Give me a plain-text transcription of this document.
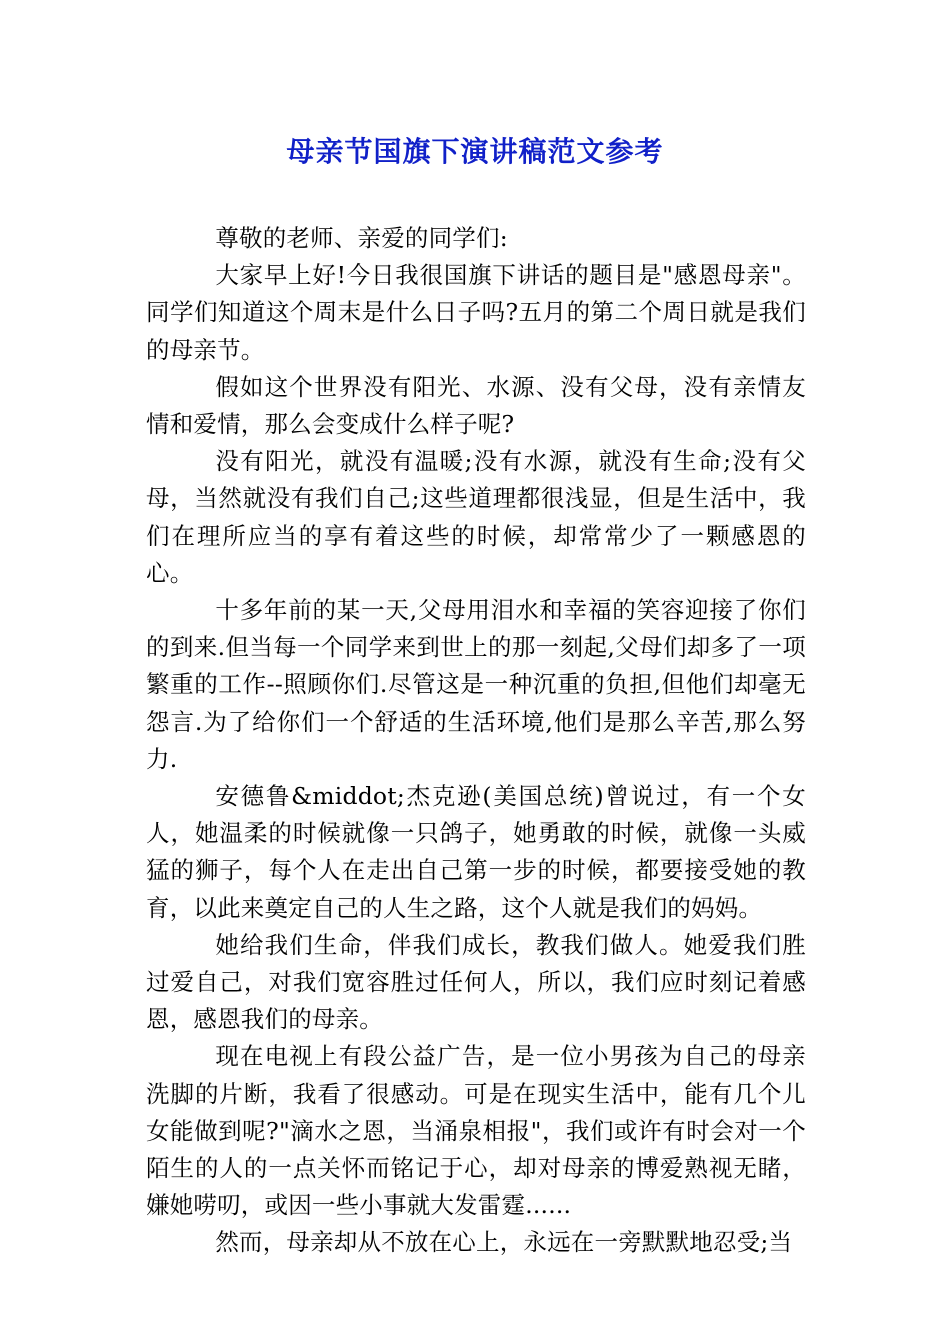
母亲节国旗下演讲稿范文参考

尊敬的老师、亲爱的同学们:

大家早上好!今日我很国旗下讲话的题目是"感恩母亲"。同学们知道这个周末是什么日子吗?五月的第二个周日就是我们的母亲节。

假如这个世界没有阳光、水源、没有父母，没有亲情友情和爱情，那么会变成什么样子呢?

没有阳光，就没有温暖;没有水源，就没有生命;没有父母，当然就没有我们自己;这些道理都很浅显，但是生活中，我们在理所应当的享有着这些的时候，却常常少了一颗感恩的心。

十多年前的某一天,父母用泪水和幸福的笑容迎接了你们的到来.但当每一个同学来到世上的那一刻起,父母们却多了一项繁重的工作--照顾你们.尽管这是一种沉重的负担,但他们却毫无怨言.为了给你们一个舒适的生活环境,他们是那么辛苦,那么努力.

安德鲁&middot;杰克逊(美国总统)曾说过，有一个女人，她温柔的时候就像一只鸽子，她勇敢的时候，就像一头威猛的狮子，每个人在走出自己第一步的时候，都要接受她的教育，以此来奠定自己的人生之路，这个人就是我们的妈妈。

她给我们生命，伴我们成长，教我们做人。她爱我们胜过爱自己，对我们宽容胜过任何人，所以，我们应时刻记着感恩，感恩我们的母亲。

现在电视上有段公益广告，是一位小男孩为自己的母亲洗脚的片断，我看了很感动。可是在现实生活中，能有几个儿女能做到呢?"滴水之恩，当涌泉相报"，我们或许有时会对一个陌生的人的一点关怀而铭记于心，却对母亲的博爱熟视无睹，嫌她唠叨，或因一些小事就大发雷霆......

然而，母亲却从不放在心上，永远在一旁默默地忍受;当
